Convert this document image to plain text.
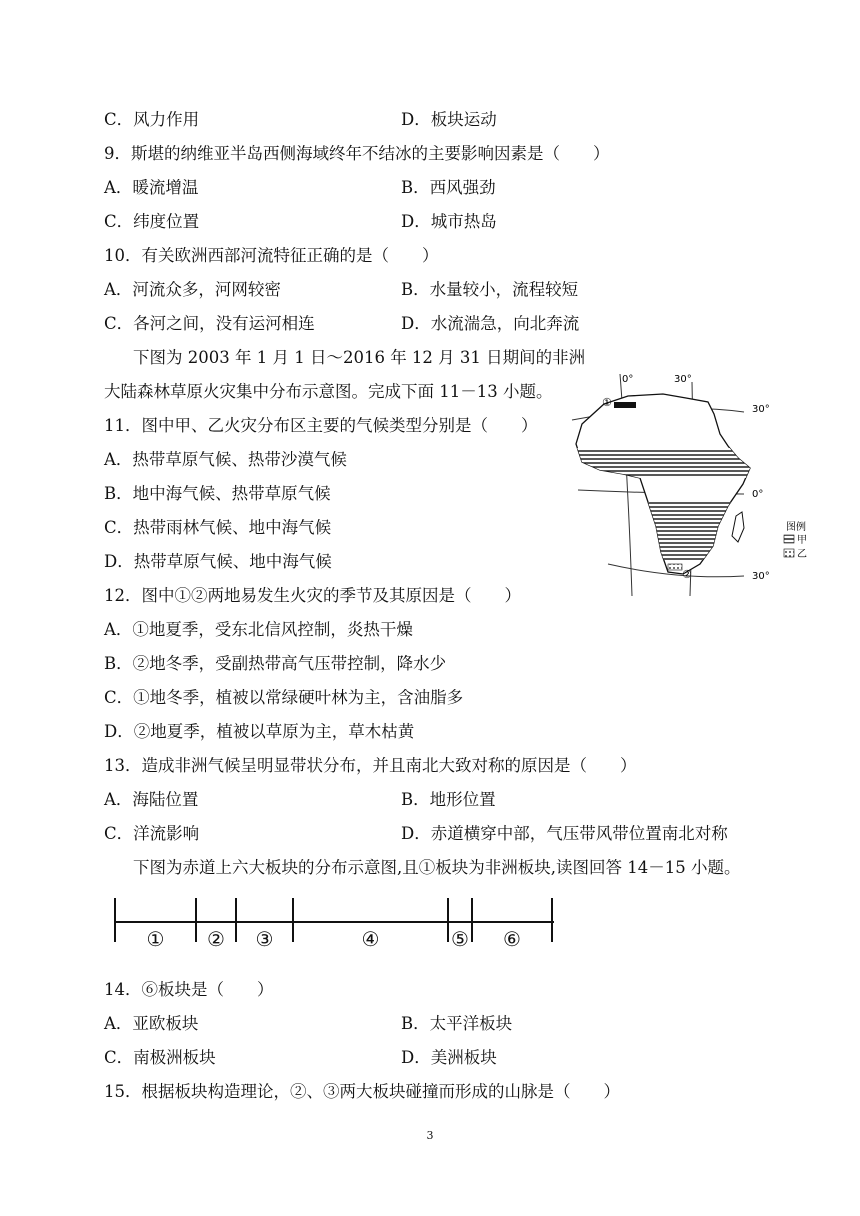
C．风力作用	D．板块运动
9．斯堪的纳维亚半岛西侧海域终年不结冰的主要影响因素是（　　）
A．暖流增温	B．西风强劲
C．纬度位置	D．城市热岛
10．有关欧洲西部河流特征正确的是（　　）
A．河流众多，河网较密	B．水量较小，流程较短
C．各河之间，没有运河相连	D．水流湍急，向北奔流
下图为 2003 年 1 月 1 日～2016 年 12 月 31 日期间的非洲
大陆森林草原火灾集中分布示意图。完成下面 11－13 小题。
11．图中甲、乙火灾分布区主要的气候类型分别是（　　）
A．热带草原气候、热带沙漠气候
B．地中海气候、热带草原气候
C．热带雨林气候、地中海气候
D．热带草原气候、地中海气候
12．图中①②两地易发生火灾的季节及其原因是（　　）
A．①地夏季，受东北信风控制，炎热干燥
B．②地冬季，受副热带高气压带控制，降水少
C．①地冬季，植被以常绿硬叶林为主，含油脂多
D．②地夏季，植被以草原为主，草木枯黄
13．造成非洲气候呈明显带状分布，并且南北大致对称的原因是（　　）
A．海陆位置	B．地形位置
C．洋流影响	D．赤道横穿中部，气压带风带位置南北对称
下图为赤道上六大板块的分布示意图,且①板块为非洲板块,读图回答 14－15 小题。
14．⑥板块是（　　）
A．亚欧板块	B．太平洋板块
C．南极洲板块	D．美洲板块
15．根据板块构造理论，②、③两大板块碰撞而形成的山脉是（　　）
0°	30°
30°
0°
30°
①
②
图例
甲
乙
① ② ③	④	⑤ ⑥
3
